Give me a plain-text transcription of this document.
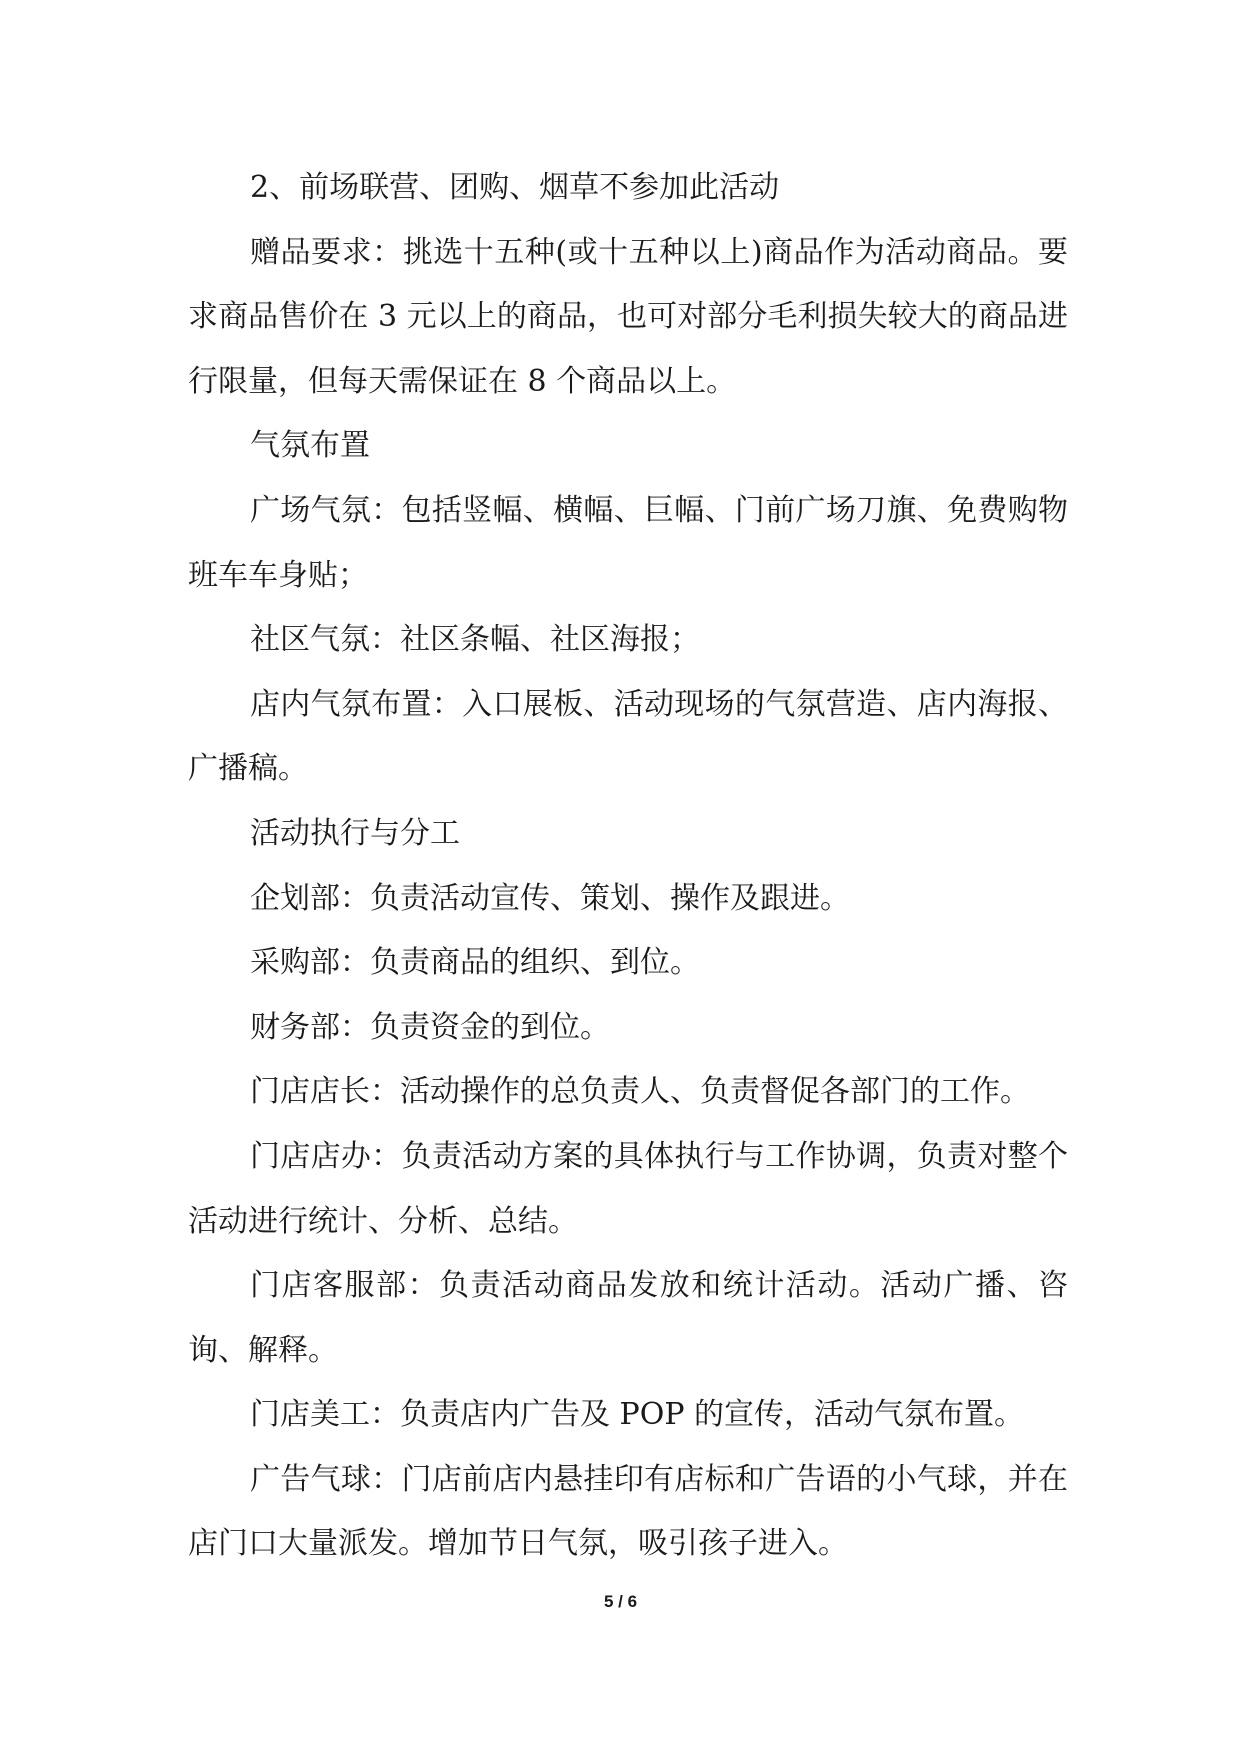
2、前场联营、团购、烟草不参加此活动

赠品要求：挑选十五种(或十五种以上)商品作为活动商品。要求商品售价在 3 元以上的商品，也可对部分毛利损失较大的商品进行限量，但每天需保证在 8 个商品以上。

气氛布置

广场气氛：包括竖幅、横幅、巨幅、门前广场刀旗、免费购物班车车身贴；

社区气氛：社区条幅、社区海报；

店内气氛布置：入口展板、活动现场的气氛营造、店内海报、广播稿。

活动执行与分工

企划部：负责活动宣传、策划、操作及跟进。

采购部：负责商品的组织、到位。

财务部：负责资金的到位。

门店店长：活动操作的总负责人、负责督促各部门的工作。

门店店办：负责活动方案的具体执行与工作协调，负责对整个活动进行统计、分析、总结。

门店客服部：负责活动商品发放和统计活动。活动广播、咨询、解释。

门店美工：负责店内广告及 POP 的宣传，活动气氛布置。

广告气球：门店前店内悬挂印有店标和广告语的小气球，并在店门口大量派发。增加节日气氛，吸引孩子进入。

5 / 6
